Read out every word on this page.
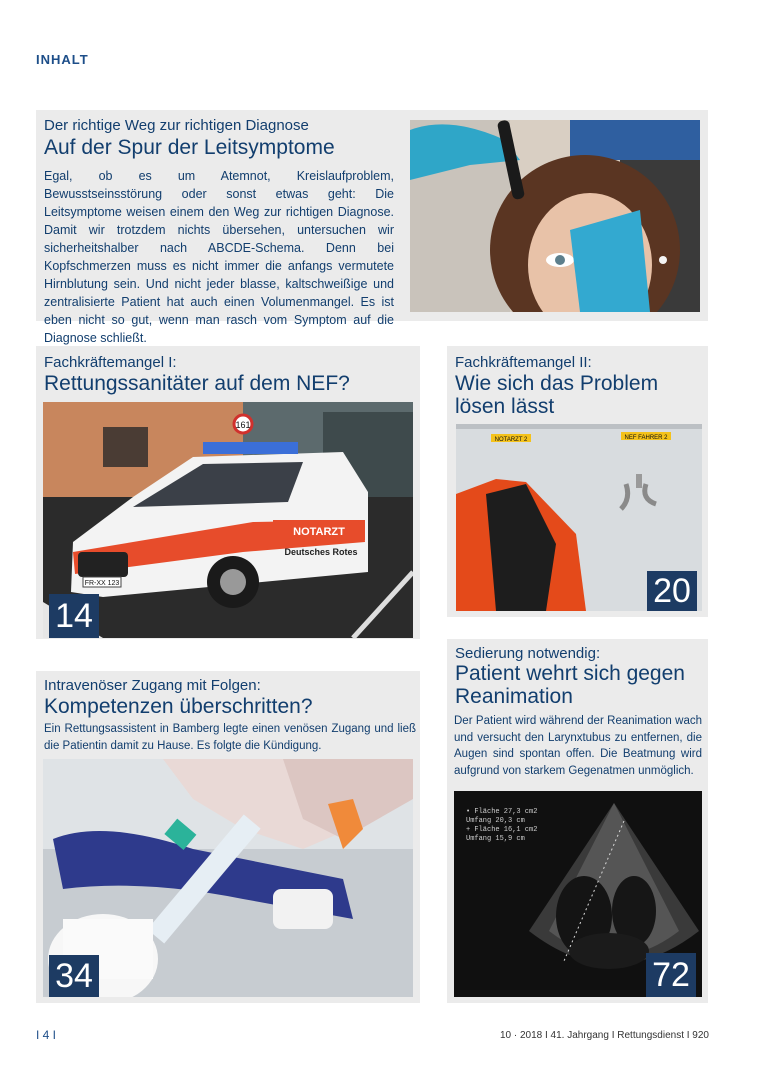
INHALT
Der richtige Weg zur richtigen Diagnose
Auf der Spur der Leitsymptome
Egal, ob es um Atemnot, Kreislaufproblem, Bewusstseinsstörung oder sonst etwas geht: Die Leitsymptome weisen einem den Weg zur richtigen Diagnose. Damit wir trotzdem nichts übersehen, untersuchen wir sicherheitshalber nach ABCDE-Schema. Denn bei Kopfschmerzen muss es nicht immer die anfangs vermutete Hirnblutung sein. Und nicht jeder blasse, kaltschweißige und zentralisierte Patient hat auch einen Volumenmangel. Es ist eben nicht so gut, wenn man rasch vom Symptom auf die Diagnose schließt.
Fachkräftemangel I:
Rettungssanitäter auf dem NEF?
161
NOTARZT
Deutsches Rotes
FR-XX 123
14
Fachkräftemangel II:
Wie sich das Problem
lösen lässt
NOTARZT 2	NEF FAHRER 2
20
Intravenöser Zugang mit Folgen:
Kompetenzen überschritten?
Ein Rettungsassistent in Bamberg legte einen venösen Zugang und ließ die Patientin damit zu Hause. Es folgte die Kündigung.
34
Sedierung notwendig:
Patient wehrt sich gegen
Reanimation
Der Patient wird während der Reanimation wach und versucht den Larynxtubus zu entfernen, die Augen sind spontan offen. Die Beatmung wird aufgrund von starkem Gegenatmen unmöglich.
• Fläche 27,3 cm2
Umfang 20,3 cm
+ Fläche 16,1 cm2
Umfang 15,9 cm
72
I 4 I	10 · 2018 I 41. Jahrgang I Rettungsdienst I 920
